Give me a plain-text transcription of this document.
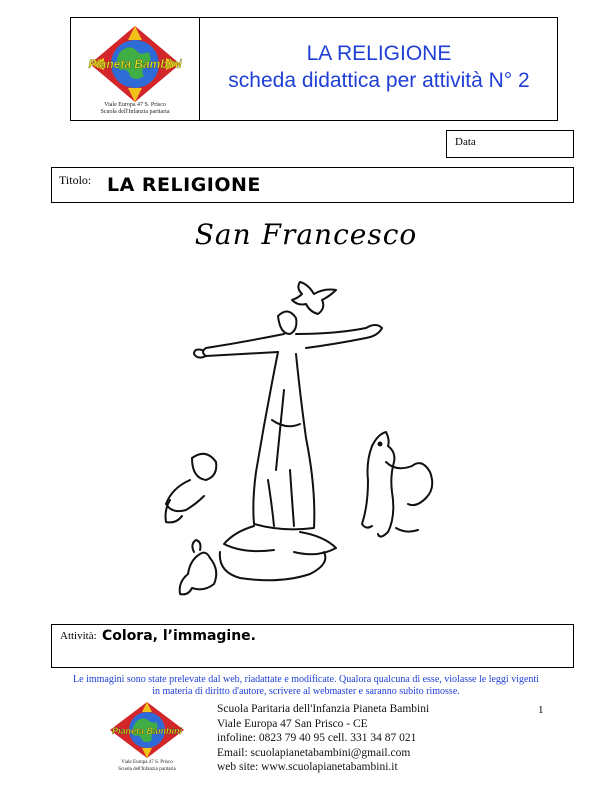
Pianeta Bambini
Viale Europa 47 S. Prisco
Scuola dell'Infanzia paritaria
LA RELIGIONE
scheda didattica per attività N° 2
Data
Titolo: LA RELIGIONE
San Francesco
Attività: Colora, l’immagine.
Le immagini sono state prelevate dal web, riadattate e modificate. Qualora qualcuna di esse, violasse le leggi vigenti
in materia di diritto d'autore, scrivere al webmaster e saranno subito rimosse.
1
Pianeta Bambini
Viale Europa 47 S. Prisco
Scuola dell'Infanzia paritaria
Scuola Paritaria dell'Infanzia Pianeta Bambini
Viale Europa 47 San Prisco - CE
infoline: 0823 79 40 95 cell. 331 34 87 021
Email: scuolapianetabambini@gmail.com
web site: www.scuolapianetabambini.it
